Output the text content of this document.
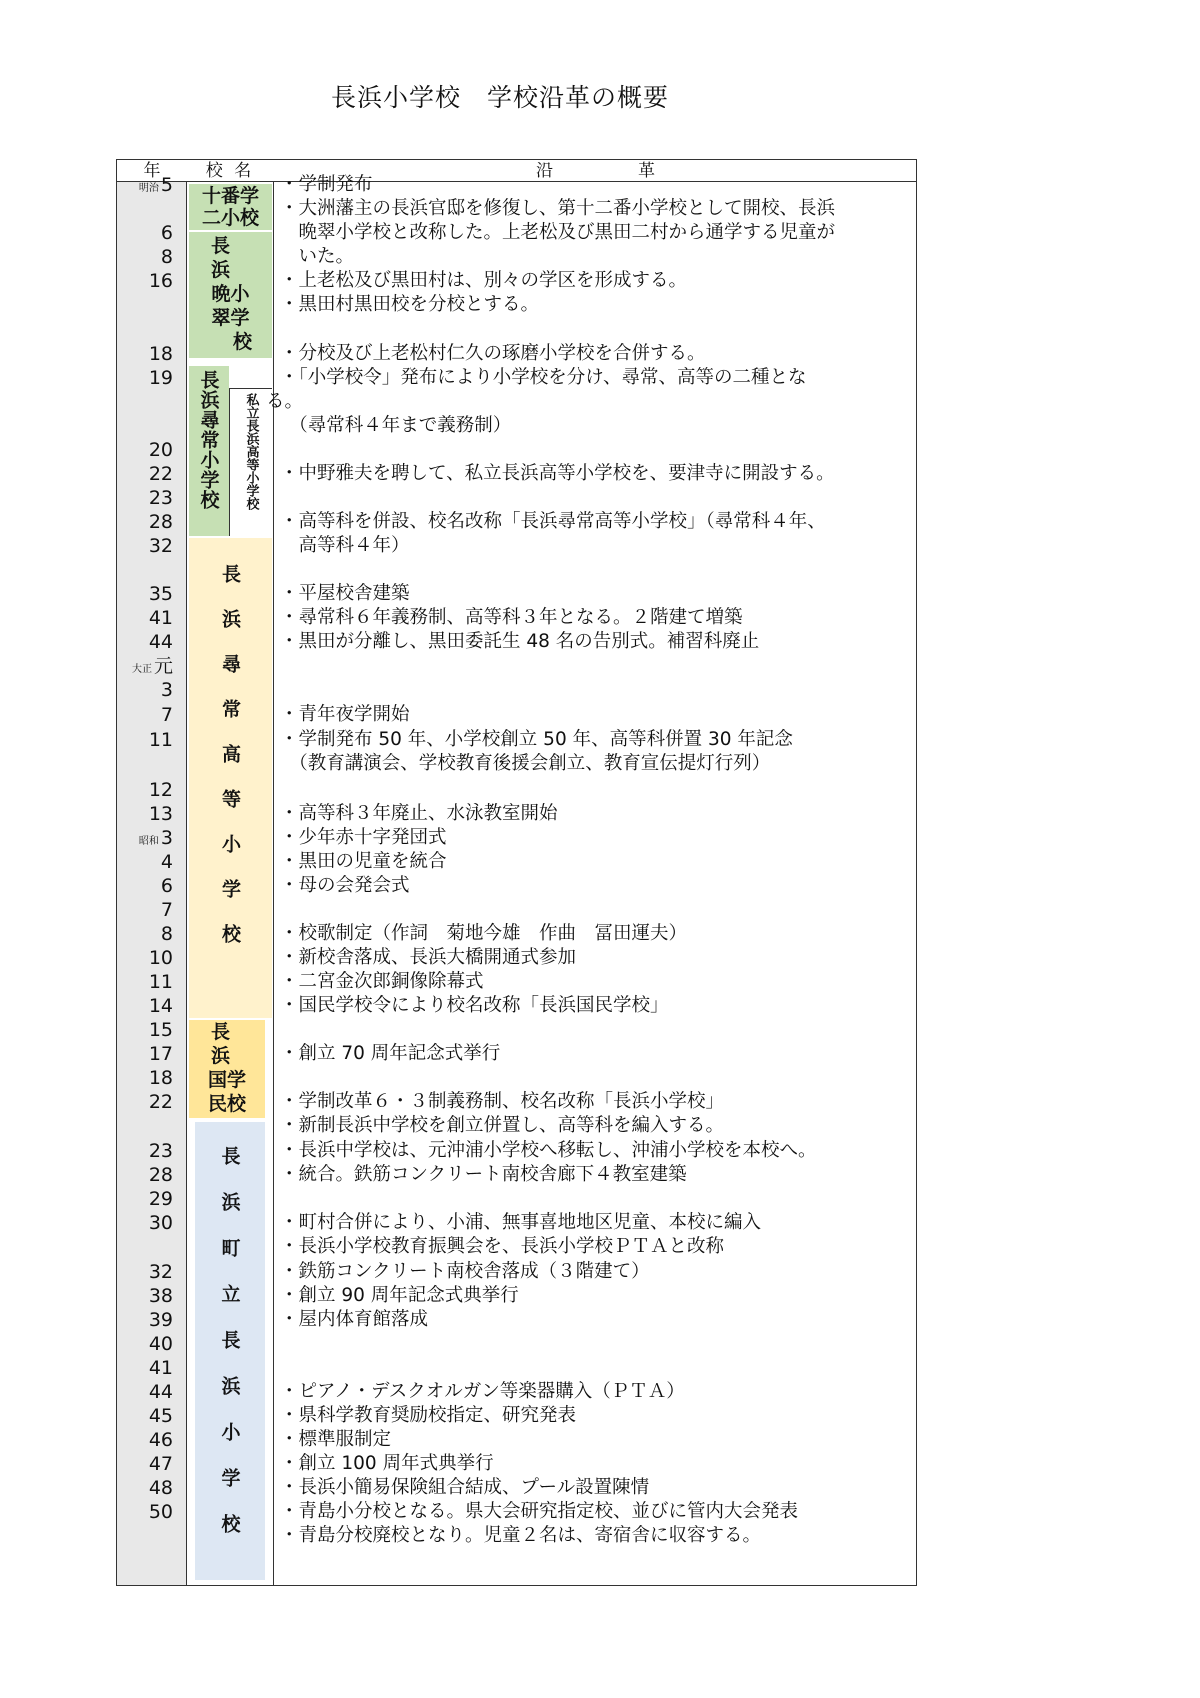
長浜小学校　学校沿革の概要
年	校 名	沿　　　　　革
十番学
二小校
長
浜
晩小
翠学
校
長浜尋常小学校 私立長浜高等小学校
長浜尋常高等小学校
長
浜
国学
民校
長浜町立長浜小学校
明治 5
6
8
16
18
19
20
22
23
28
32
35
41
44
大正 元
3
7
11
12
13
昭和 3
4
6
7
8
10
11
14
15
17
18
22
23
28
29
30
32
38
39
40
41
44
45
46
47
48
50
・学制発布
・大洲藩主の長浜官邸を修復し、第十二番小学校として開校、長浜
　晩翠小学校と改称した。上老松及び黒田二村から通学する児童が
　いた。
・上老松及び黒田村は、別々の学区を形成する。
・黒田村黒田校を分校とする。
・分校及び上老松村仁久の琢磨小学校を合併する。
・「小学校令」発布により小学校を分け、尋常、高等の二種とな
る。
　（尋常科４年まで義務制）
・中野雅夫を聘して、私立長浜高等小学校を、要津寺に開設する。
・高等科を併設、校名改称「長浜尋常高等小学校」（尋常科４年、
　高等科４年）
・平屋校舎建築
・尋常科６年義務制、高等科３年となる。２階建て増築
・黒田が分離し、黒田委託生 48 名の告別式。補習科廃止
・青年夜学開始
・学制発布 50 年、小学校創立 50 年、高等科併置 30 年記念
　（教育講演会、学校教育後援会創立、教育宣伝提灯行列）
・高等科３年廃止、水泳教室開始
・少年赤十字発団式
・黒田の児童を統合
・母の会発会式
・校歌制定（作詞　菊地今雄　作曲　冨田運夫）
・新校舎落成、長浜大橋開通式参加
・二宮金次郎銅像除幕式
・国民学校令により校名改称「長浜国民学校」
・創立 70 周年記念式挙行
・学制改革６・３制義務制、校名改称「長浜小学校」
・新制長浜中学校を創立併置し、高等科を編入する。
・長浜中学校は、元沖浦小学校へ移転し、沖浦小学校を本校へ。
・統合。鉄筋コンクリート南校舎廊下４教室建築
・町村合併により、小浦、無事喜地地区児童、本校に編入
・長浜小学校教育振興会を、長浜小学校ＰＴＡと改称
・鉄筋コンクリート南校舎落成（３階建て）
・創立 90 周年記念式典挙行
・屋内体育館落成
・ピアノ・デスクオルガン等楽器購入（ＰＴＡ）
・県科学教育奨励校指定、研究発表
・標準服制定
・創立 100 周年式典挙行
・長浜小簡易保険組合結成、プール設置陳情
・青島小分校となる。県大会研究指定校、並びに管内大会発表
・青島分校廃校となり。児童２名は、寄宿舎に収容する。
